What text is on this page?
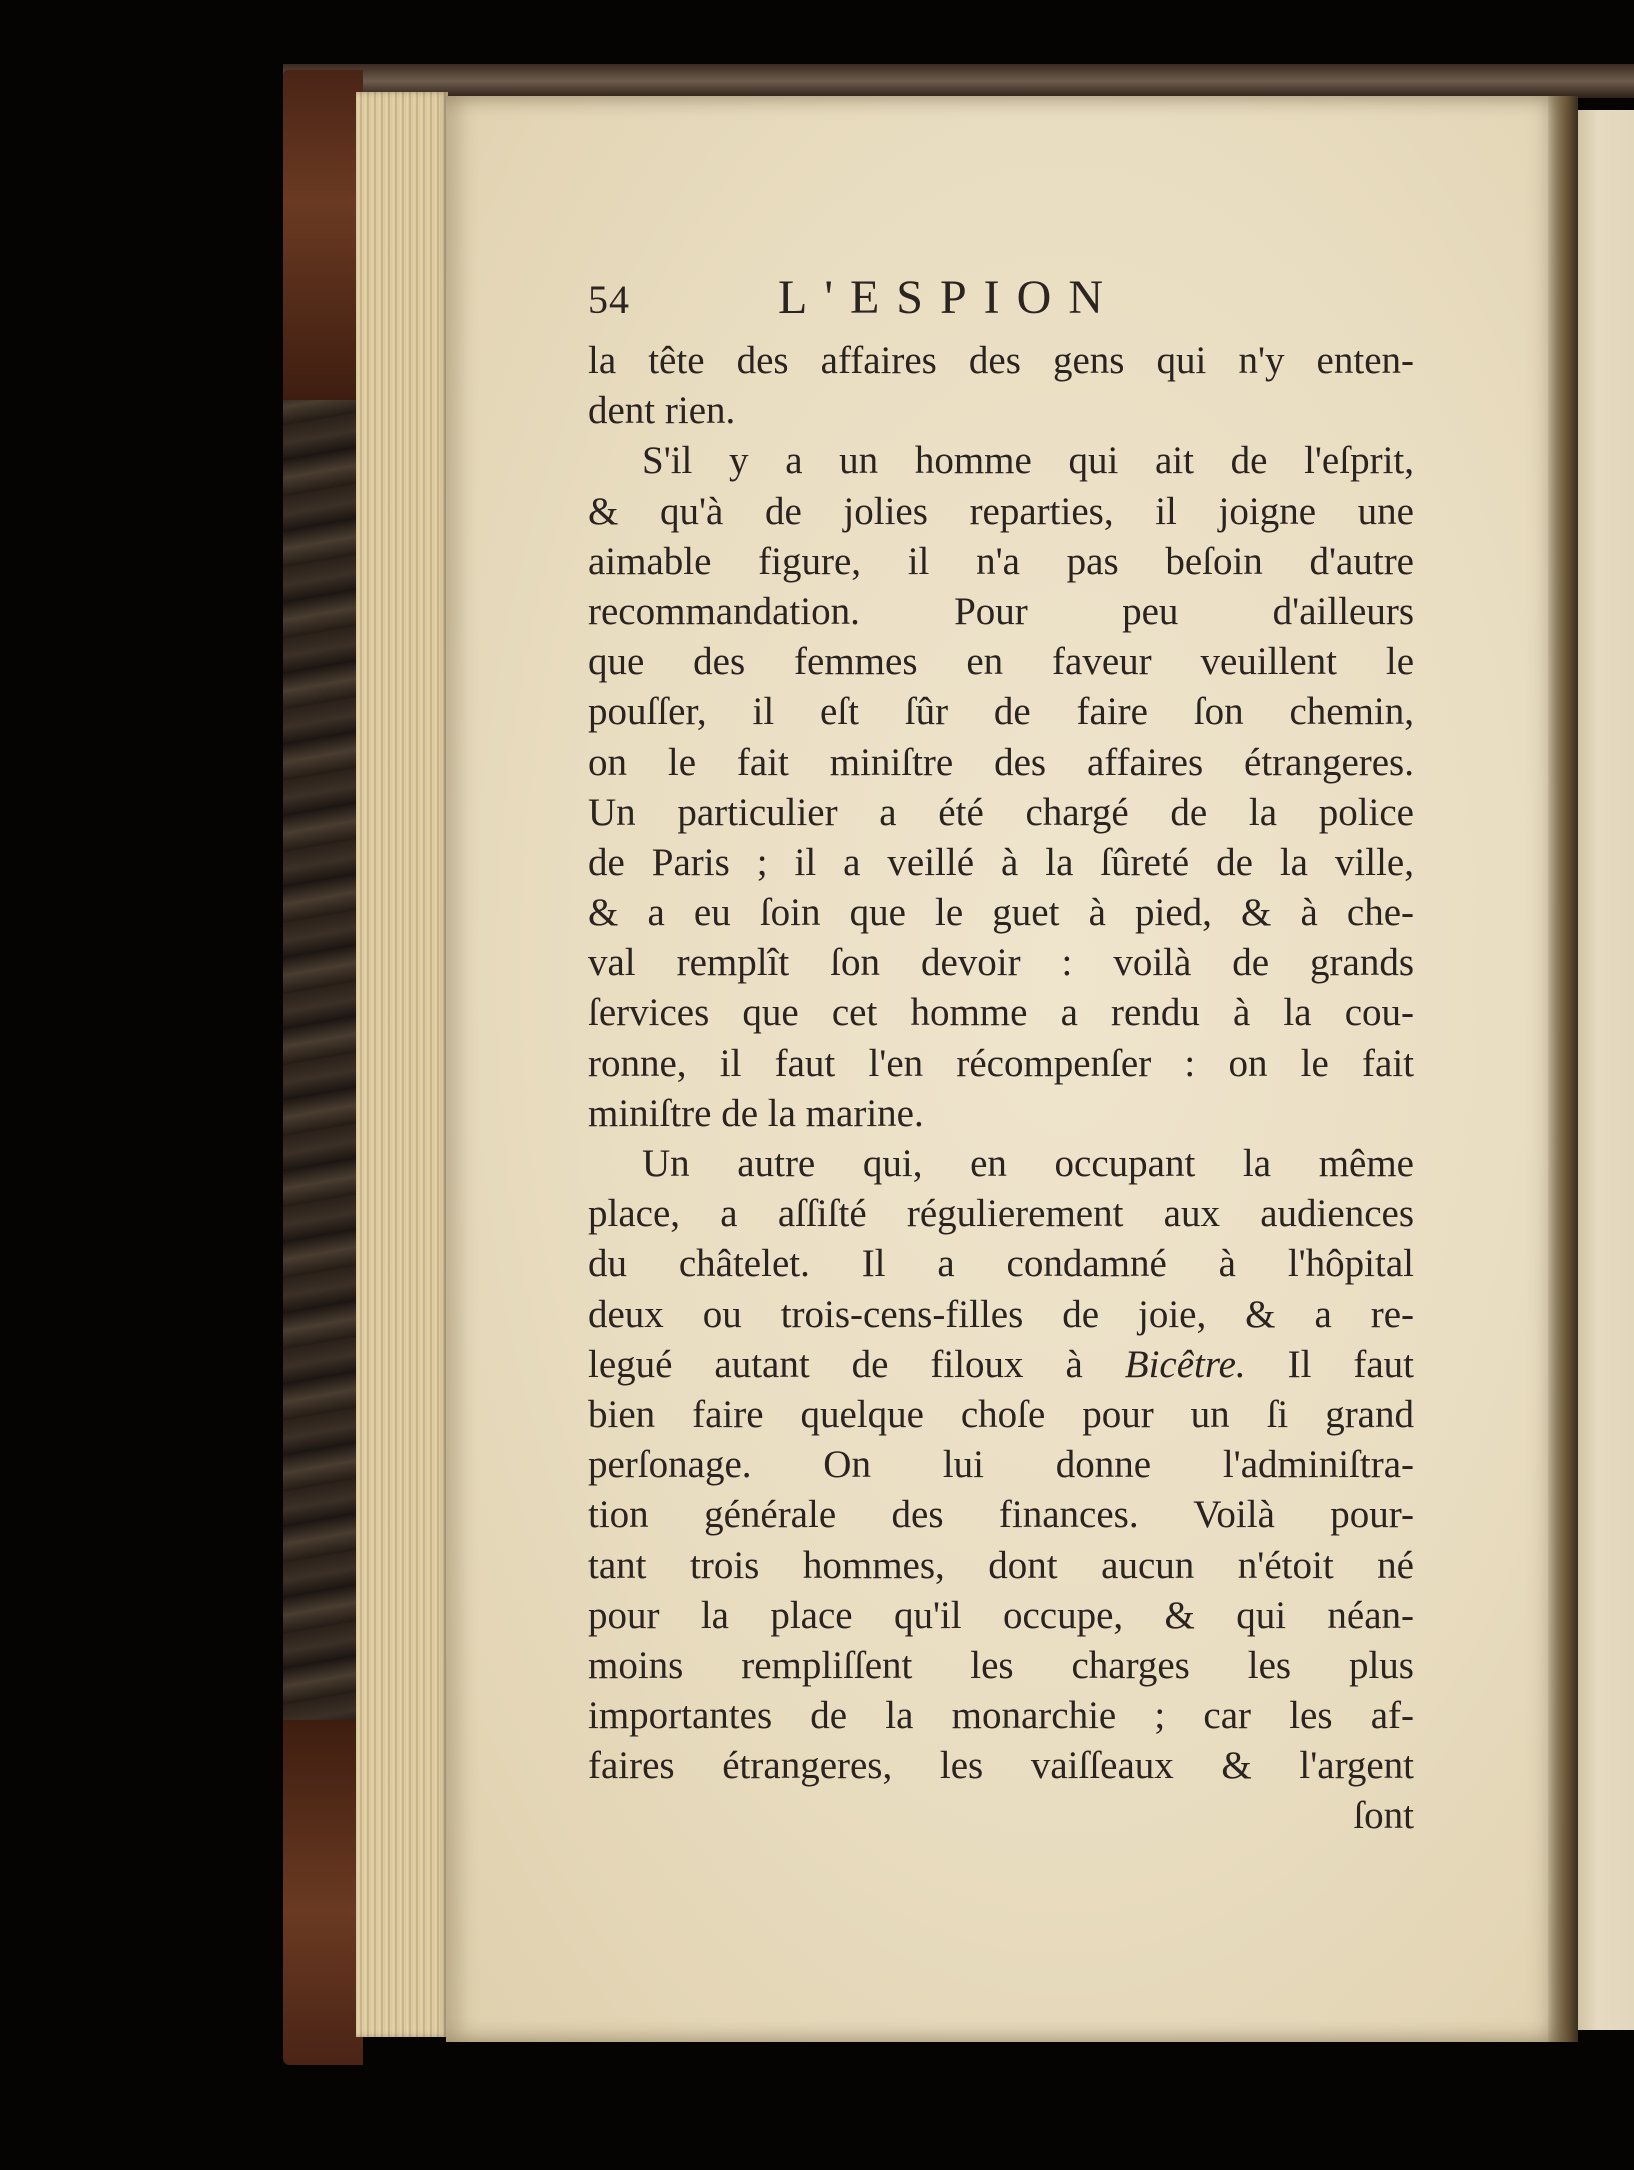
54	L'ESPION
la tête des affaires des gens qui n'y enten-
dent rien.
S'il y a un homme qui ait de l'eſprit,
& qu'à de jolies reparties, il joigne une
aimable figure, il n'a pas beſoin d'autre
recommandation. Pour peu d'ailleurs
que des femmes en faveur veuillent le
pouſſer, il eſt ſûr de faire ſon chemin,
on le fait miniſtre des affaires étrangeres.
Un particulier a été chargé de la police
de Paris ; il a veillé à la ſûreté de la ville,
& a eu ſoin que le guet à pied, & à che-
val remplît ſon devoir : voilà de grands
ſervices que cet homme a rendu à la cou-
ronne, il faut l'en récompenſer : on le fait
miniſtre de la marine.
Un autre qui, en occupant la même
place, a aſſiſté régulierement aux audiences
du châtelet. Il a condamné à l'hôpital
deux ou trois-cens-filles de joie, & a re-
legué autant de filoux à Bicêtre. Il faut
bien faire quelque choſe pour un ſi grand
perſonage. On lui donne l'adminiſtra-
tion générale des finances. Voilà pour-
tant trois hommes, dont aucun n'étoit né
pour la place qu'il occupe, & qui néan-
moins rempliſſent les charges les plus
importantes de la monarchie ; car les af-
faires étrangeres, les vaiſſeaux & l'argent
ſont
